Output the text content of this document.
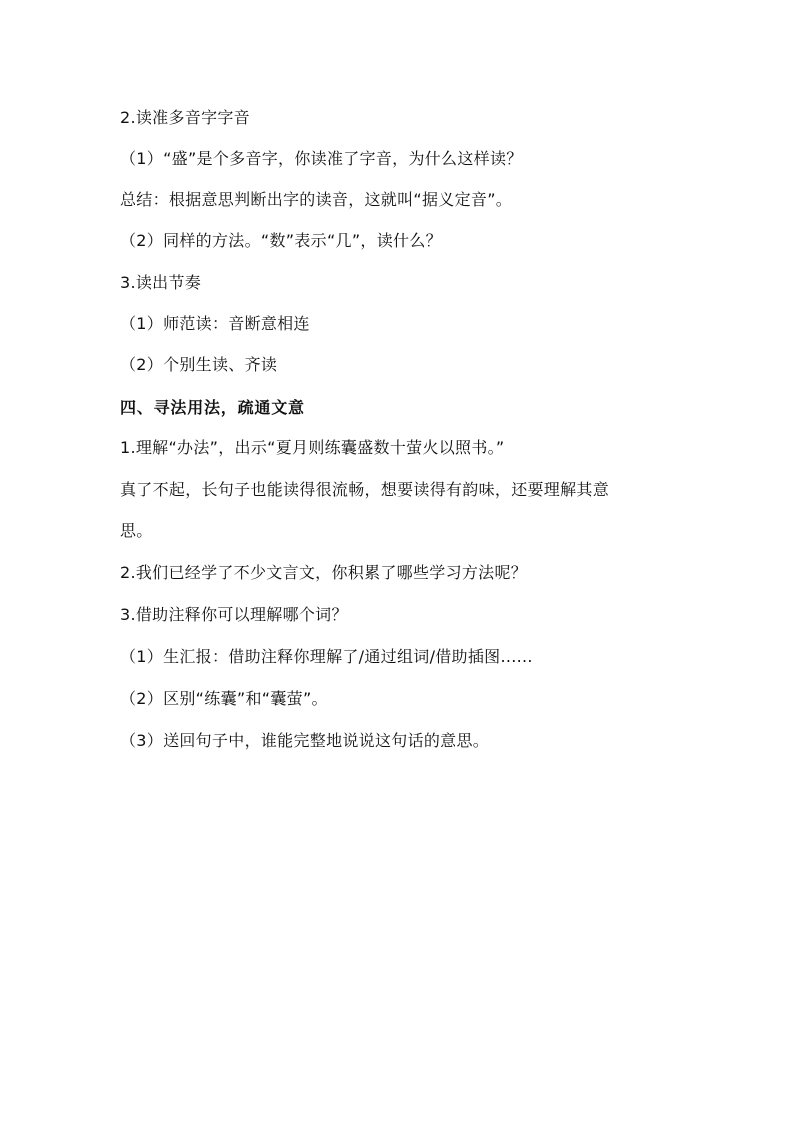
2.读准多音字字音
（1）“盛”是个多音字，你读准了字音，为什么这样读？
总结：根据意思判断出字的读音，这就叫“据义定音”。
（2）同样的方法。“数”表示“几”，读什么？
3.读出节奏
（1）师范读：音断意相连
（2）个别生读、齐读
四、寻法用法，疏通文意
1.理解“办法”，出示“夏月则练囊盛数十萤火以照书。”
真了不起，长句子也能读得很流畅，想要读得有韵味，还要理解其意
思。
2.我们已经学了不少文言文，你积累了哪些学习方法呢？
3.借助注释你可以理解哪个词？
（1）生汇报：借助注释你理解了/通过组词/借助插图......
（2）区别“练囊”和“囊萤”。
（3）送回句子中，谁能完整地说说这句话的意思。
